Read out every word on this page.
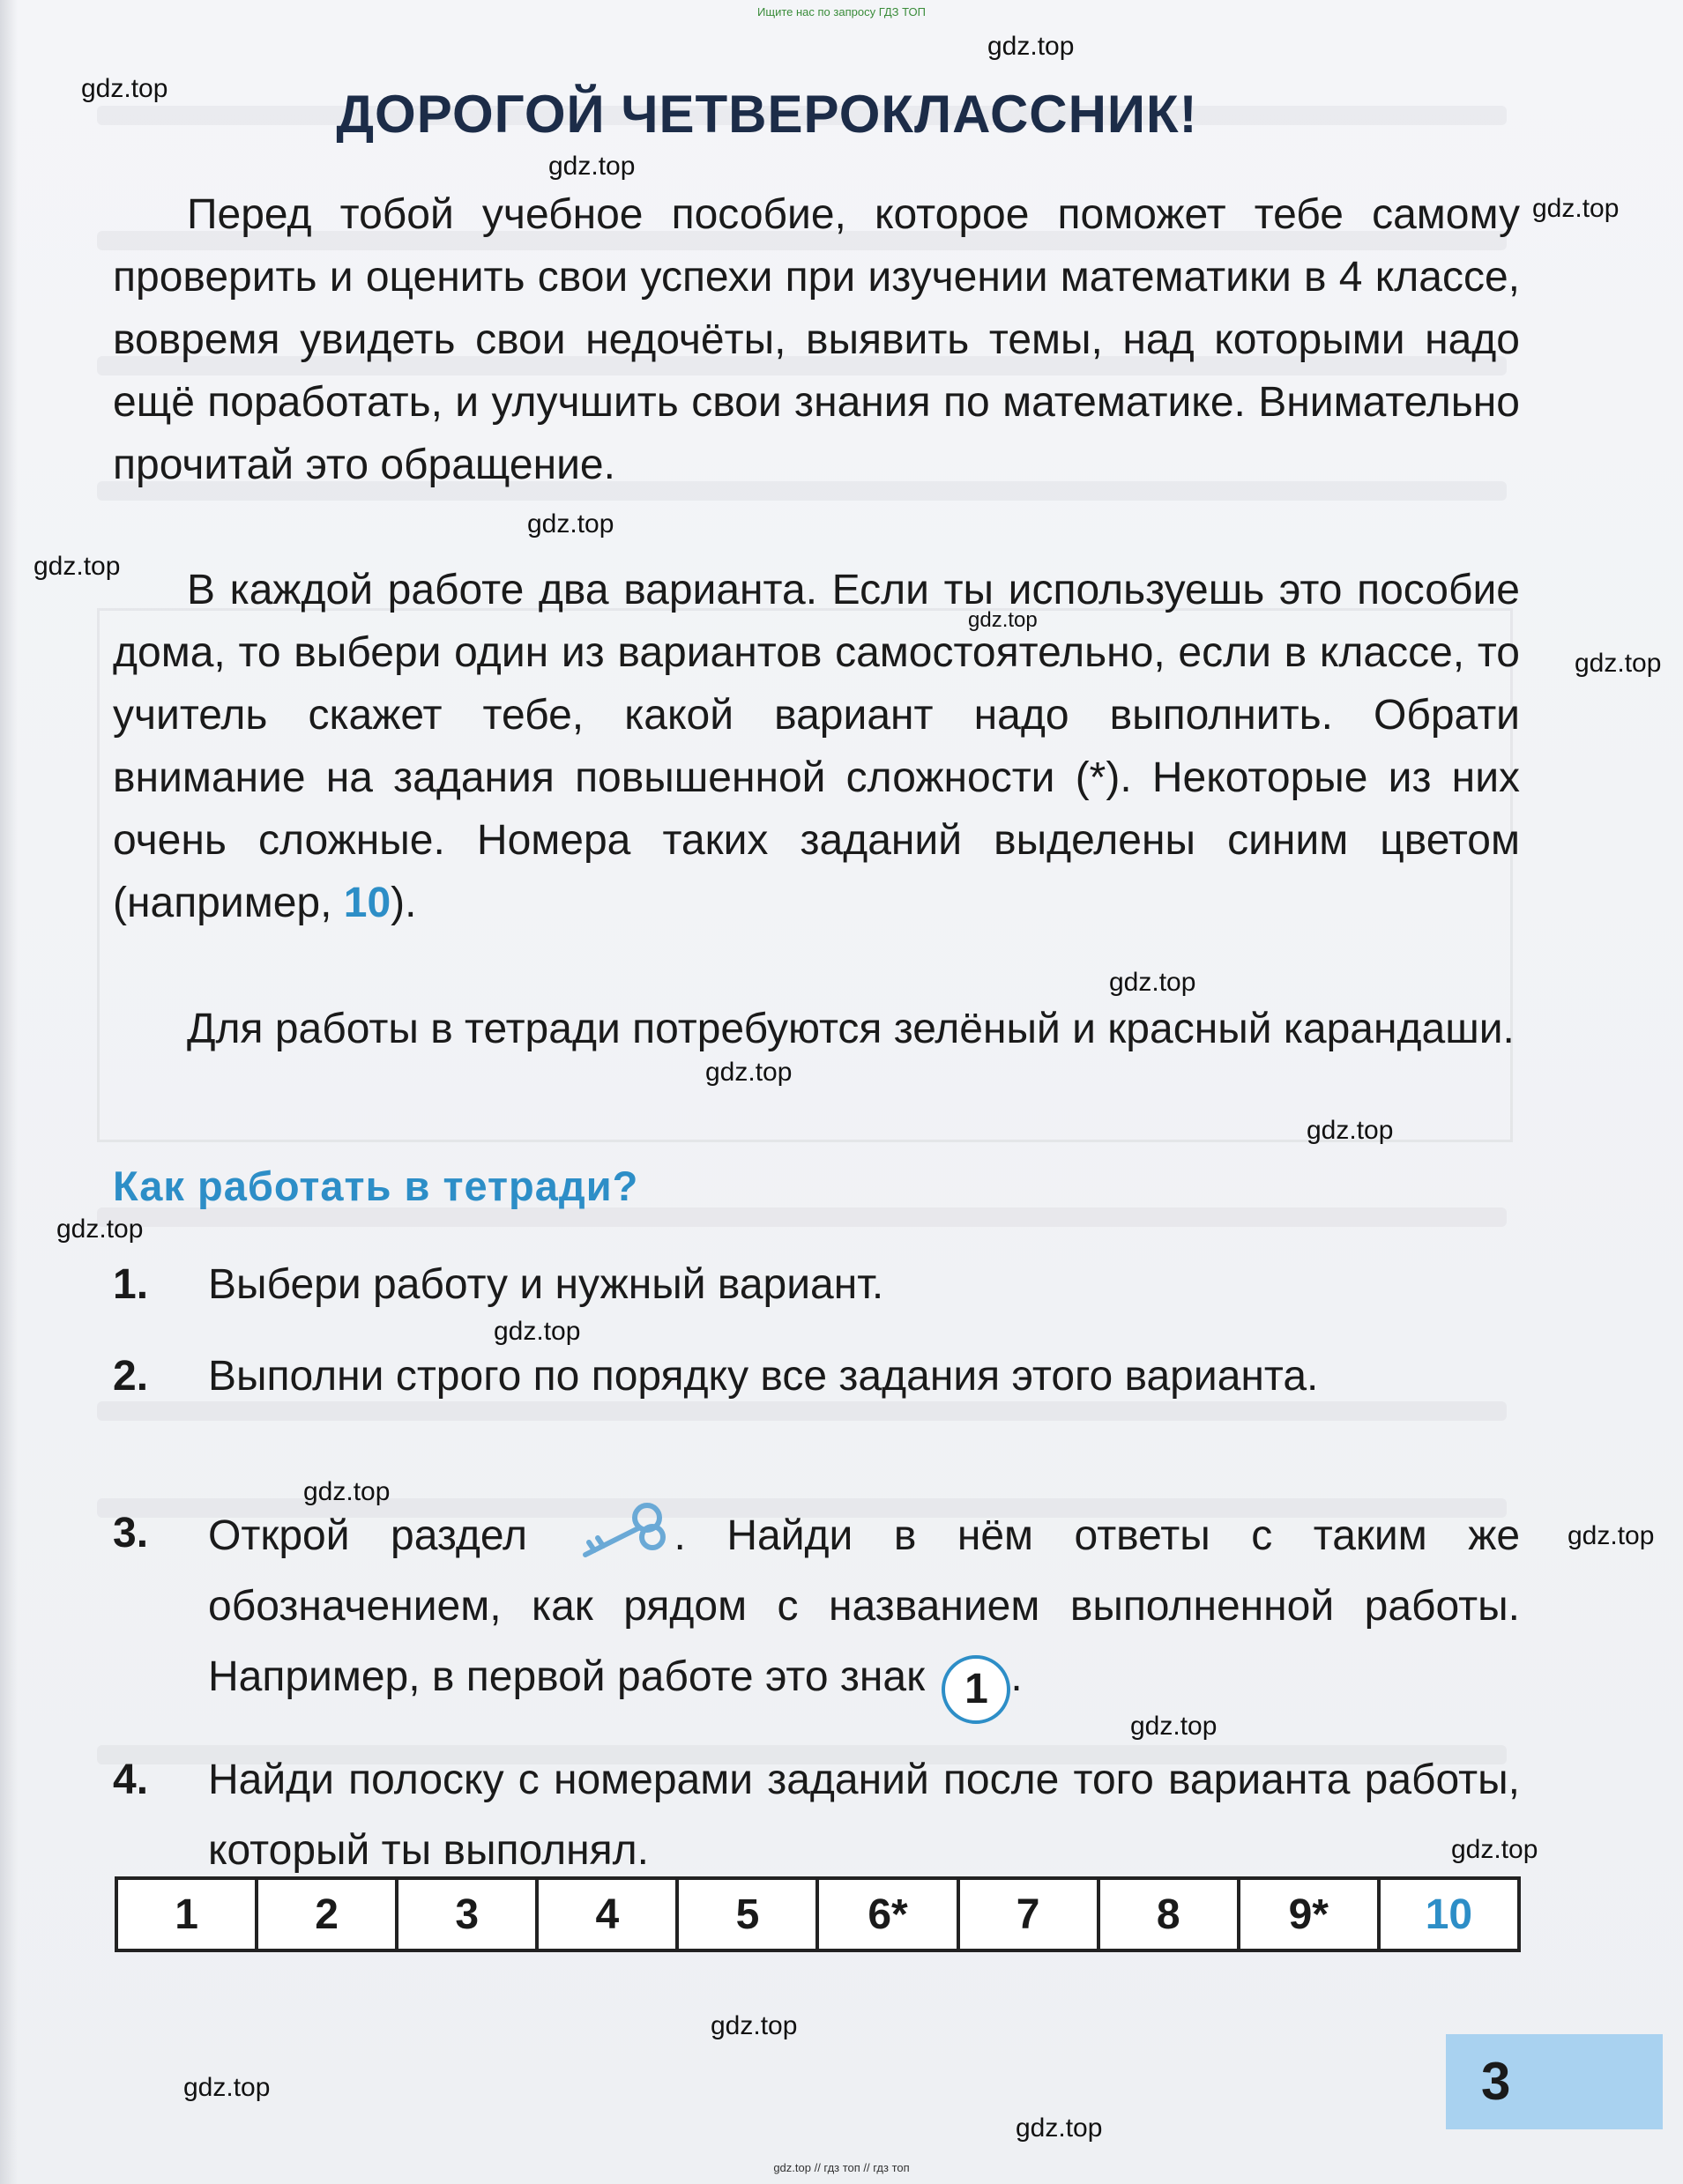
Ищите нас по запросу ГДЗ ТОП
ДОРОГОЙ ЧЕТВЕРОКЛАССНИК!

Перед тобой учебное пособие, которое поможет тебе самому проверить и оценить свои успехи при изучении математики в 4 классе, вовремя увидеть свои недочёты, выявить темы, над которыми надо ещё поработать, и улучшить свои знания по математике. Внимательно прочитай это обращение.

В каждой работе два варианта. Если ты используешь это пособие дома, то выбери один из вариантов самостоятельно, если в классе, то учитель скажет тебе, какой вариант надо выполнить. Обрати внимание на задания повышенной сложности (*). Некоторые из них очень сложные. Номера таких заданий выделены синим цветом (например, 10).

Для работы в тетради потребуются зелёный и красный карандаши.

Как работать в тетради?
1. Выбери работу и нужный вариант.
2. Выполни строго по порядку все задания этого варианта.
3. Открой раздел	. Найди в нём ответы с таким же обозначением, как рядом с названием выполненной работы. Например, в первой работе это знак 1 .
4. Найди полоску с номерами заданий после того варианта работы, который ты выполнял.
1	2	3	4	5	6*	7	8	9*	10
3
gdz.top
gdz.top
gdz.top
gdz.top
gdz.top
gdz.top
gdz.top
gdz.top
gdz.top
gdz.top
gdz.top
gdz.top
gdz.top
gdz.top
gdz.top
gdz.top
gdz.top
gdz.top
gdz.top
gdz.top
gdz.top // гдз топ // гдз топ
